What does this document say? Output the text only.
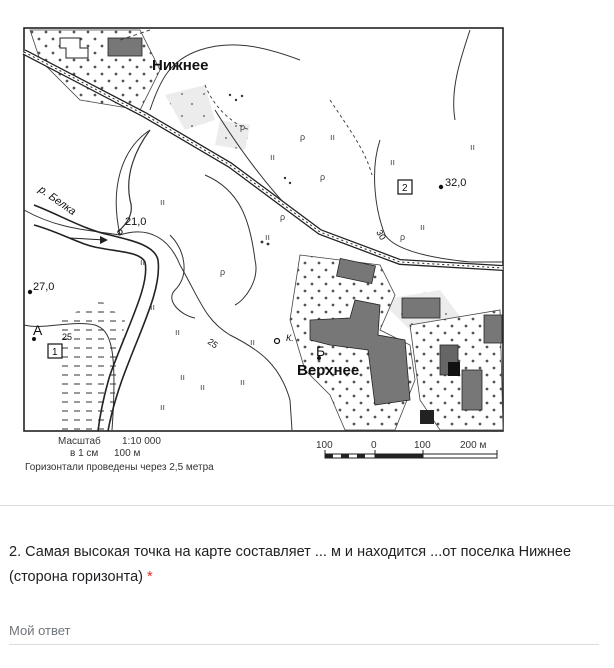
ρ
ρ
ρ
ρ
ρ
ρ
ıı
ıı
ıı
ıı
ıı
ıı
ıı
ıı
ıı
ıı
ıı
ıı
ıı
ıı
ıı
Нижнее
Верхнее
р. Белка
А
Б
К.
32,0
27,0
21,0
30
25	25
1
2
Масштаб 1:10 000
в 1 см 100 м
Горизонтали проведены через 2,5 метра
100	0	100	200 м
2. Самая высокая точка на карте составляет ... м и находится ...от поселка Нижнее (сторона горизонта) *
Мой ответ
